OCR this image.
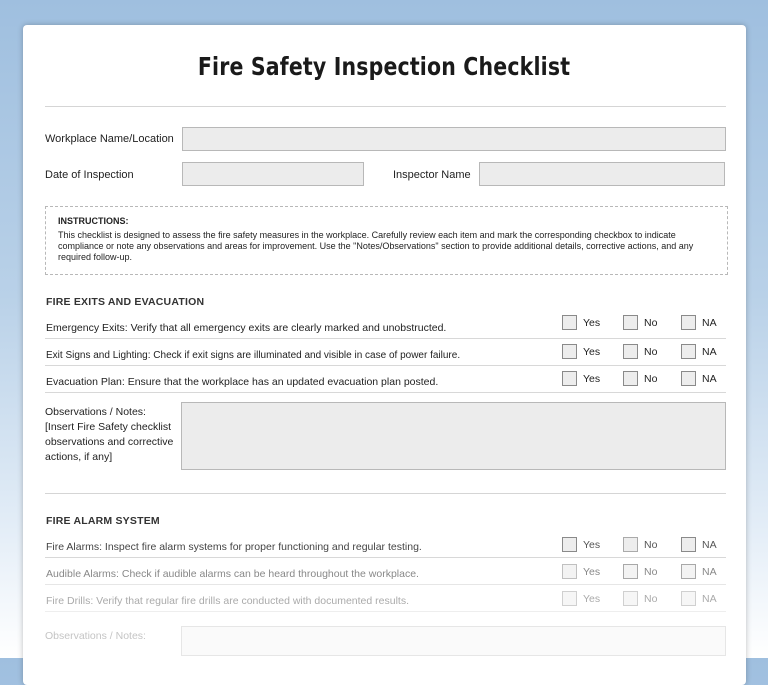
Fire Safety Inspection Checklist
Workplace Name/Location
Date of Inspection	Inspector Name
INSTRUCTIONS:
This checklist is designed to assess the fire safety measures in the workplace. Carefully review each item and mark the corresponding checkbox to indicate compliance or note any observations and areas for improvement. Use the "Notes/Observations" section to provide additional details, corrective actions, and any required follow-up.
FIRE EXITS AND EVACUATION
Emergency Exits: Verify that all emergency exits are clearly marked and unobstructed.	Yes	No	NA
Exit Signs and Lighting: Check if exit signs are illuminated and visible in case of power failure.	Yes	No	NA
Evacuation Plan: Ensure that the workplace has an updated evacuation plan posted.	Yes	No	NA
Observations / Notes:
[Insert Fire Safety checklist observations and corrective actions, if any]
FIRE ALARM SYSTEM
Fire Alarms: Inspect fire alarm systems for proper functioning and regular testing.	Yes	No	NA
Audible Alarms: Check if audible alarms can be heard throughout the workplace.	Yes	No	NA
Fire Drills: Verify that regular fire drills are conducted with documented results.	Yes	No	NA
Observations / Notes:
